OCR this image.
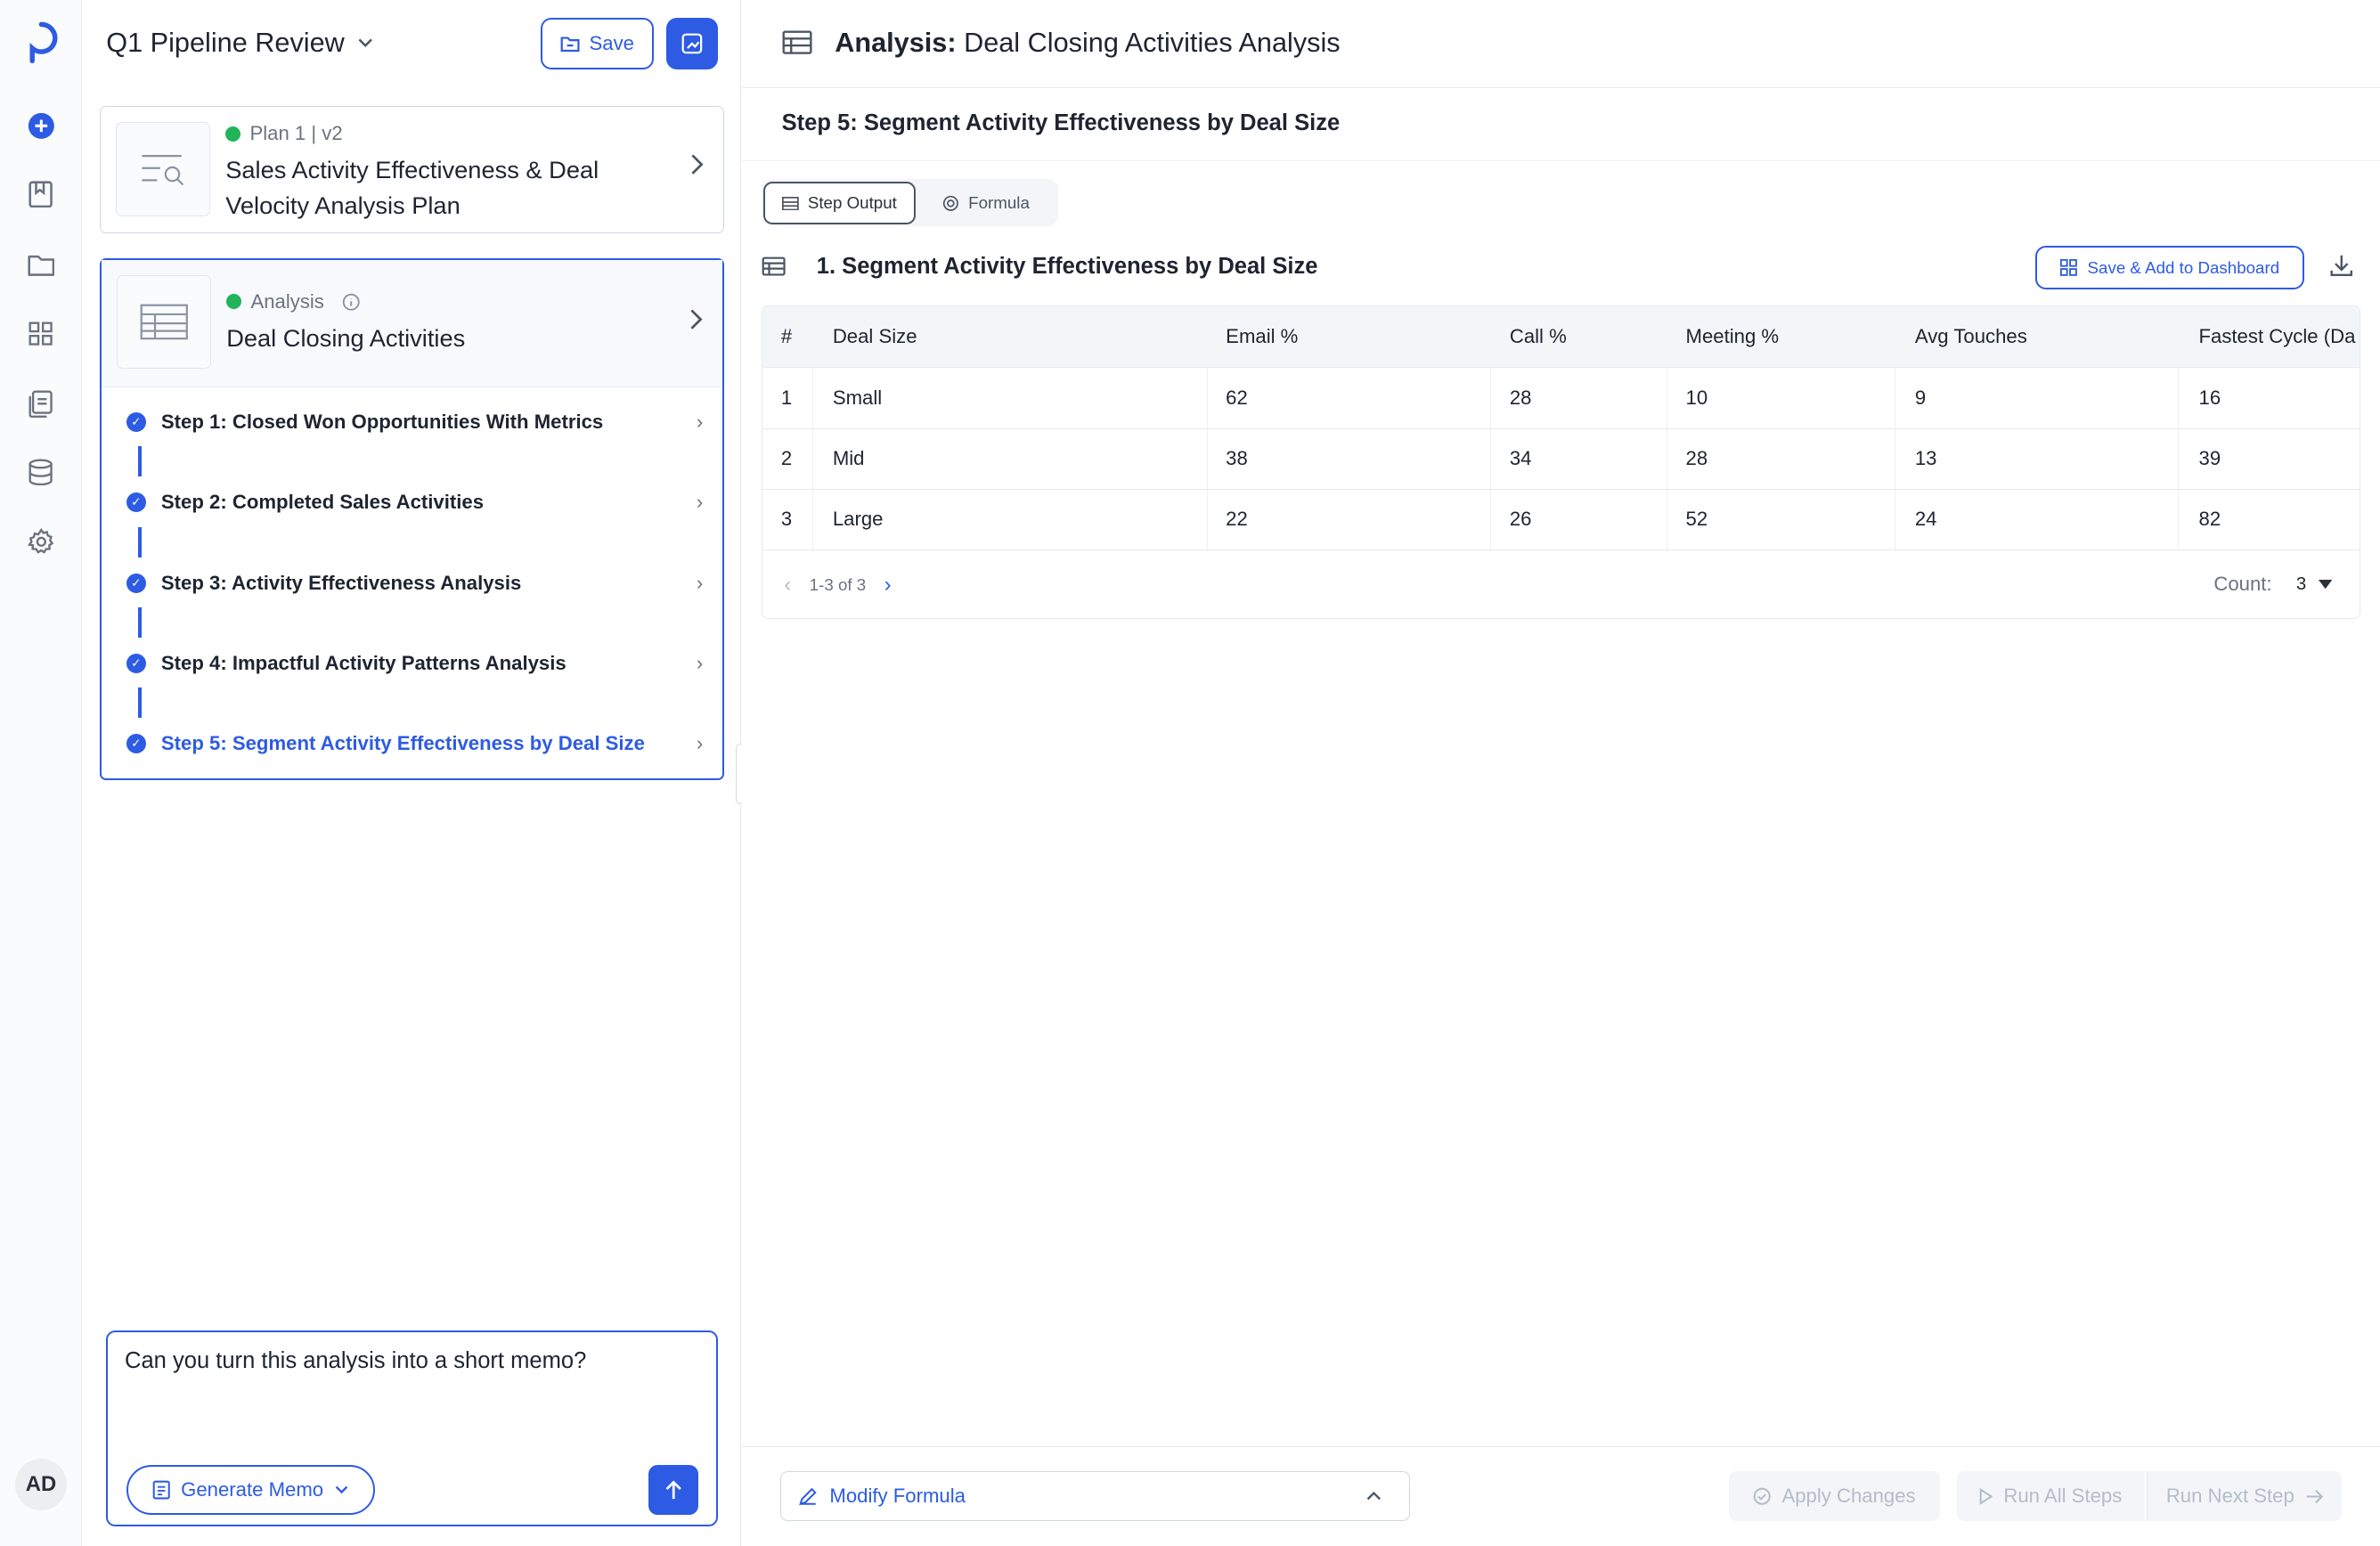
AD
Q1 Pipeline Review	Save
Plan 1 | v2
Sales Activity Effectiveness & Deal
Velocity Analysis Plan
Analysis
Deal Closing Activities
✓	Step 1: Closed Won Opportunities With Metrics	›
✓	Step 2: Completed Sales Activities	›
✓	Step 3: Activity Effectiveness Analysis	›
✓	Step 4: Impactful Activity Patterns Analysis	›
✓	Step 5: Segment Activity Effectiveness by Deal Size	›
Can you turn this analysis into a short memo?
Generate Memo
Analysis: Deal Closing Activities Analysis
Step 5: Segment Activity Effectiveness by Deal Size
Step Output	Formula
1. Segment Activity Effectiveness by Deal Size	Save & Add to Dashboard
#	Deal Size	Email %	Call %	Meeting %	Avg Touches	Fastest Cycle (Da
1	Small	62	28	10	9	16
2	Mid	38	34	28	13	39
3	Large	22	26	52	24	82
‹ 1-3 of 3 ›	Count: 3
Modify Formula	Apply Changes	Run All Steps	Run Next Step
